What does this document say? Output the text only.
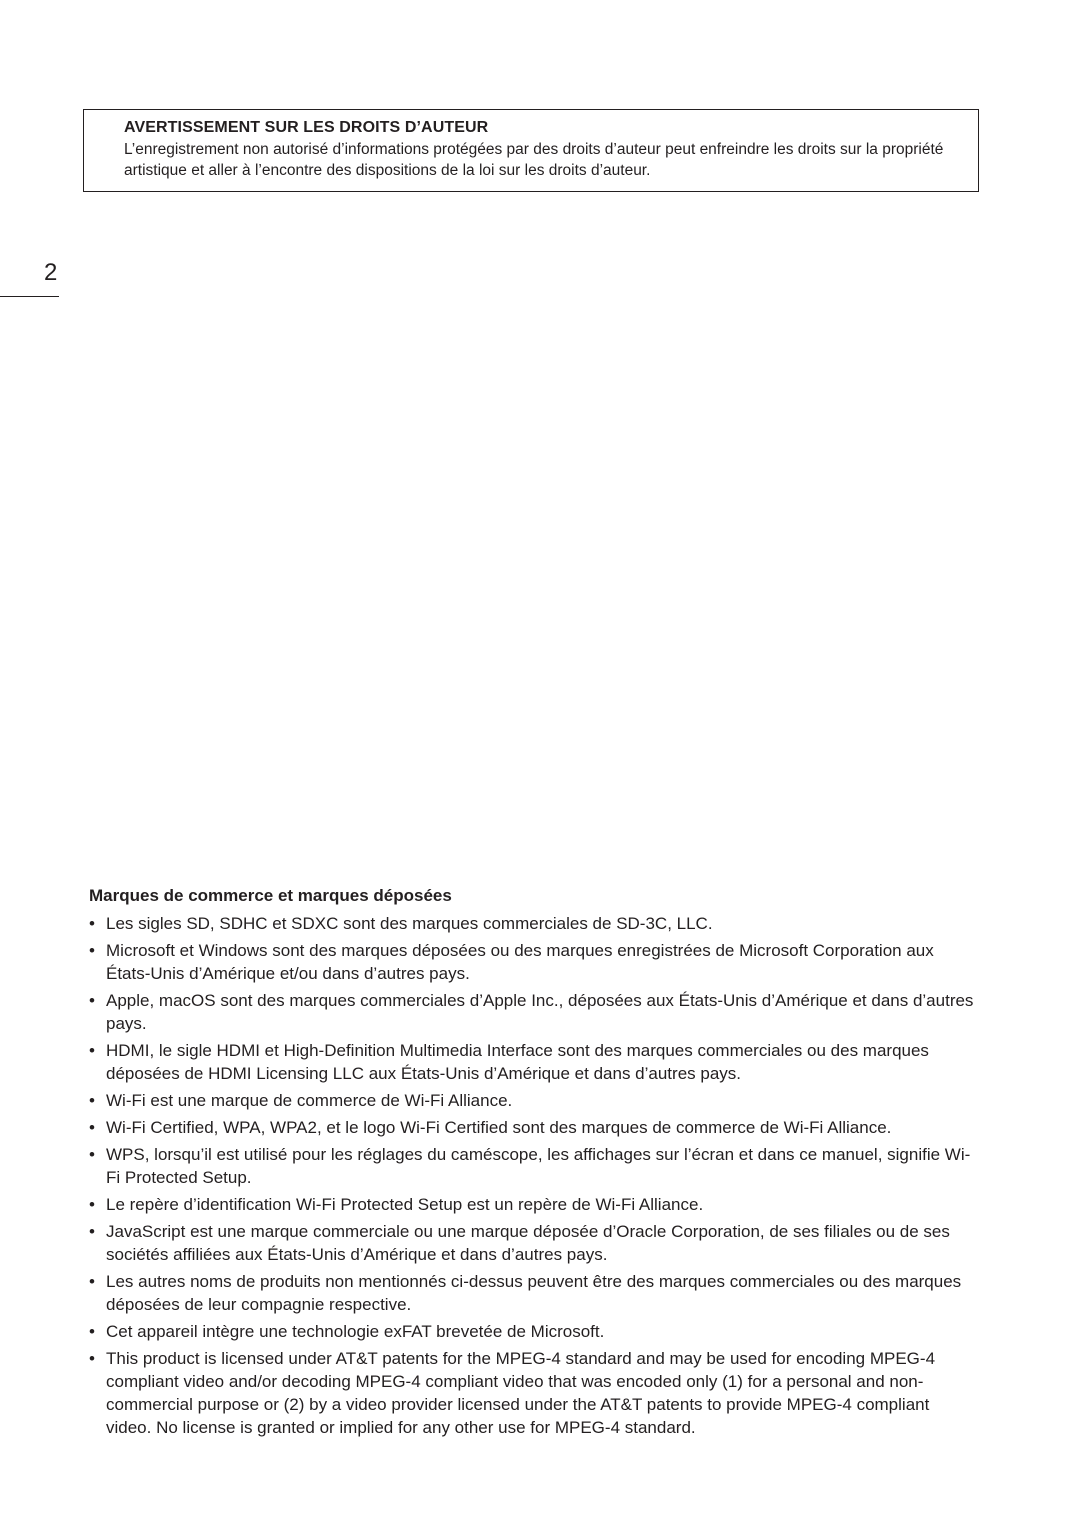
AVERTISSEMENT SUR LES DROITS D’AUTEUR
L’enregistrement non autorisé d’informations protégées par des droits d’auteur peut enfreindre les droits sur la propriété artistique et aller à l’encontre des dispositions de la loi sur les droits d’auteur.
2
Marques de commerce et marques déposées
• Les sigles SD, SDHC et SDXC sont des marques commerciales de SD-3C, LLC.
• Microsoft et Windows sont des marques déposées ou des marques enregistrées de Microsoft Corporation aux États-Unis d’Amérique et/ou dans d’autres pays.
• Apple, macOS sont des marques commerciales d’Apple Inc., déposées aux États-Unis d’Amérique et dans d’autres pays.
• HDMI, le sigle HDMI et High-Definition Multimedia Interface sont des marques commerciales ou des marques déposées de HDMI Licensing LLC aux États-Unis d’Amérique et dans d’autres pays.
• Wi-Fi est une marque de commerce de Wi-Fi Alliance.
• Wi-Fi Certified, WPA, WPA2, et le logo Wi-Fi Certified sont des marques de commerce de Wi-Fi Alliance.
• WPS, lorsqu’il est utilisé pour les réglages du caméscope, les affichages sur l’écran et dans ce manuel, signifie Wi-Fi Protected Setup.
• Le repère d’identification Wi-Fi Protected Setup est un repère de Wi-Fi Alliance.
• JavaScript est une marque commerciale ou une marque déposée d’Oracle Corporation, de ses filiales ou de ses sociétés affiliées aux États-Unis d’Amérique et dans d’autres pays.
• Les autres noms de produits non mentionnés ci-dessus peuvent être des marques commerciales ou des marques déposées de leur compagnie respective.
• Cet appareil intègre une technologie exFAT brevetée de Microsoft.
• This product is licensed under AT&T patents for the MPEG-4 standard and may be used for encoding MPEG-4 compliant video and/or decoding MPEG-4 compliant video that was encoded only (1) for a personal and non-commercial purpose or (2) by a video provider licensed under the AT&T patents to provide MPEG-4 compliant video. No license is granted or implied for any other use for MPEG-4 standard.
